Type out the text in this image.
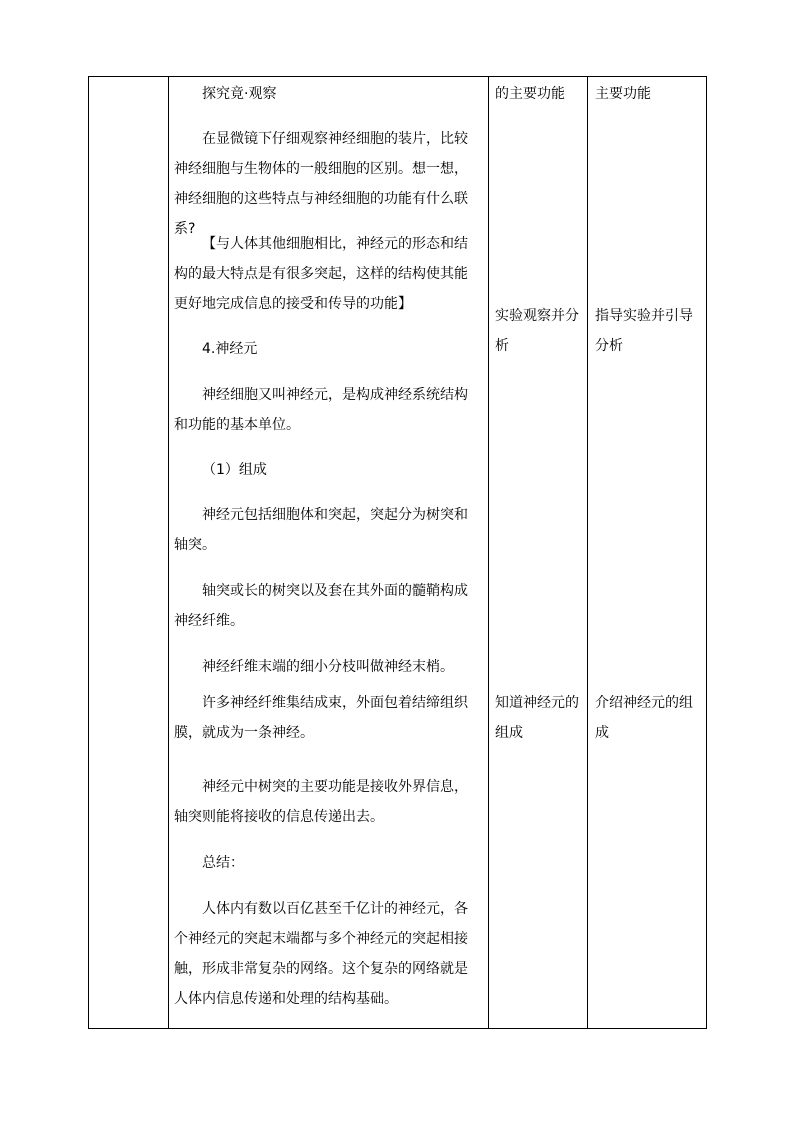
探究竟·观察

在显微镜下仔细观察神经细胞的装片，比较神经细胞与生物体的一般细胞的区别。想一想，神经细胞的这些特点与神经细胞的功能有什么联系?

【与人体其他细胞相比，神经元的形态和结构的最大特点是有很多突起，这样的结构使其能更好地完成信息的接受和传导的功能】

4.神经元

神经细胞又叫神经元，是构成神经系统结构和功能的基本单位。

（1）组成

神经元包括细胞体和突起，突起分为树突和轴突。

轴突或长的树突以及套在其外面的髓鞘构成神经纤维。

神经纤维末端的细小分枝叫做神经末梢。

许多神经纤维集结成束，外面包着结缔组织膜，就成为一条神经。

神经元中树突的主要功能是接收外界信息，轴突则能将接收的信息传递出去。

总结：

人体内有数以百亿甚至千亿计的神经元，各个神经元的突起末端都与多个神经元的突起相接触，形成非常复杂的网络。这个复杂的网络就是人体内信息传递和处理的结构基础。

的主要功能
实验观察并分
析
知道神经元的
组成
主要功能
指导实验并引导
分析
介绍神经元的组
成
